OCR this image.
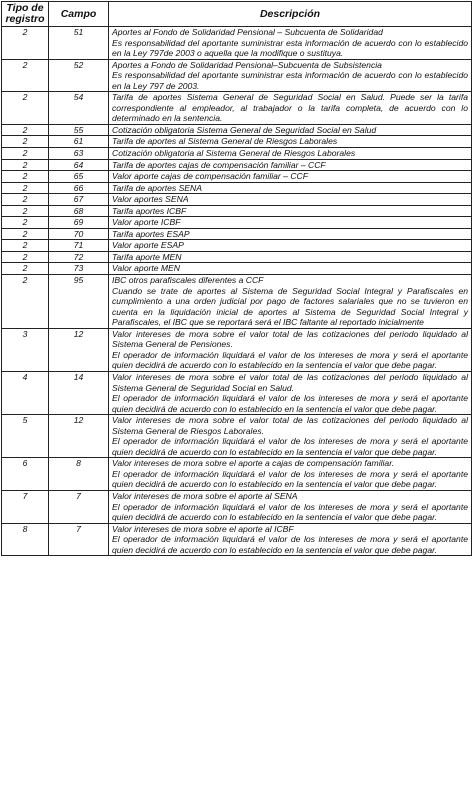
Tipo de registro	Campo	Descripción
2	51	Aportes al Fondo de Solidaridad Pensional – Subcuenta de Solidaridad

Es responsabilidad del aportante suministrar esta información de acuerdo con lo establecido en la Ley 797de 2003 o aquella que la modifique o sustituya.

2	52	Aportes a Fondo de Solidaridad Pensional–Subcuenta de Subsistencia

Es responsabilidad del aportante suministrar esta información de acuerdo con lo establecido en la Ley 797 de 2003.

2	54	Tarifa de aportes Sistema General de Seguridad Social en Salud. Puede ser la tarifa correspondiente al empleador, al trabajador o la tarifa completa, de acuerdo con lo determinado en la sentencia.

2	55	Cotización obligatoria Sistema General de Seguridad Social en Salud

2	61	Tarifa de aportes al Sistema General de Riesgos Laborales

2	63	Cotización obligatoria al Sistema General de Riesgos Laborales

2	64	Tarifa de aportes cajas de compensación familiar – CCF

2	65	Valor aporte cajas de compensación familiar – CCF

2	66	Tarifa de aportes SENA

2	67	Valor aportes SENA

2	68	Tarifa aportes ICBF

2	69	Valor aporte ICBF

2	70	Tarifa aportes ESAP

2	71	Valor aporte ESAP

2	72	Tarifa aporte MEN

2	73	Valor aporte MEN

2	95	IBC otros parafiscales diferentes a CCF

Cuando se trate de aportes al Sistema de Seguridad Social Integral y Parafiscales en cumplimiento a una orden judicial por pago de factores salariales que no se tuvieron en cuenta en la liquidación inicial de aportes al Sistema de Seguridad Social Integral y Parafiscales, el IBC que se reportará será el IBC faltante al reportado inicialmente

3	12	Valor intereses de mora sobre el valor total de las cotizaciones del periodo liquidado al Sistema General de Pensiones.

El operador de información liquidará el valor de los intereses de mora y será el aportante quien decidirá de acuerdo con lo establecido en la sentencia el valor que debe pagar.

4	14	Valor intereses de mora sobre el valor total de las cotizaciones del periodo liquidado al Sistema General de Seguridad Social en Salud.

El operador de información liquidará el valor de los intereses de mora y será el aportante quien decidirá de acuerdo con lo establecido en la sentencia el valor que debe pagar.

5	12	Valor intereses de mora sobre el valor total de las cotizaciones del periodo liquidado al Sistema General de Riesgos Laborales.

El operador de información liquidará el valor de los intereses de mora y será el aportante quien decidirá de acuerdo con lo establecido en la sentencia el valor que debe pagar.

6	8	Valor intereses de mora sobre el aporte a cajas de compensación familiar.

El operador de información liquidará el valor de los intereses de mora y será el aportante quien decidirá de acuerdo con lo establecido en la sentencia el valor que debe pagar.

7	7	Valor intereses de mora sobre el aporte al SENA

El operador de información liquidará el valor de los intereses de mora y será el aportante quien decidirá de acuerdo con lo establecido en la sentencia el valor que debe pagar.

8	7	Valor intereses de mora sobre el aporte al ICBF

El operador de información liquidará el valor de los intereses de mora y será el aportante quien decidirá de acuerdo con lo establecido en la sentencia el valor que debe pagar.
